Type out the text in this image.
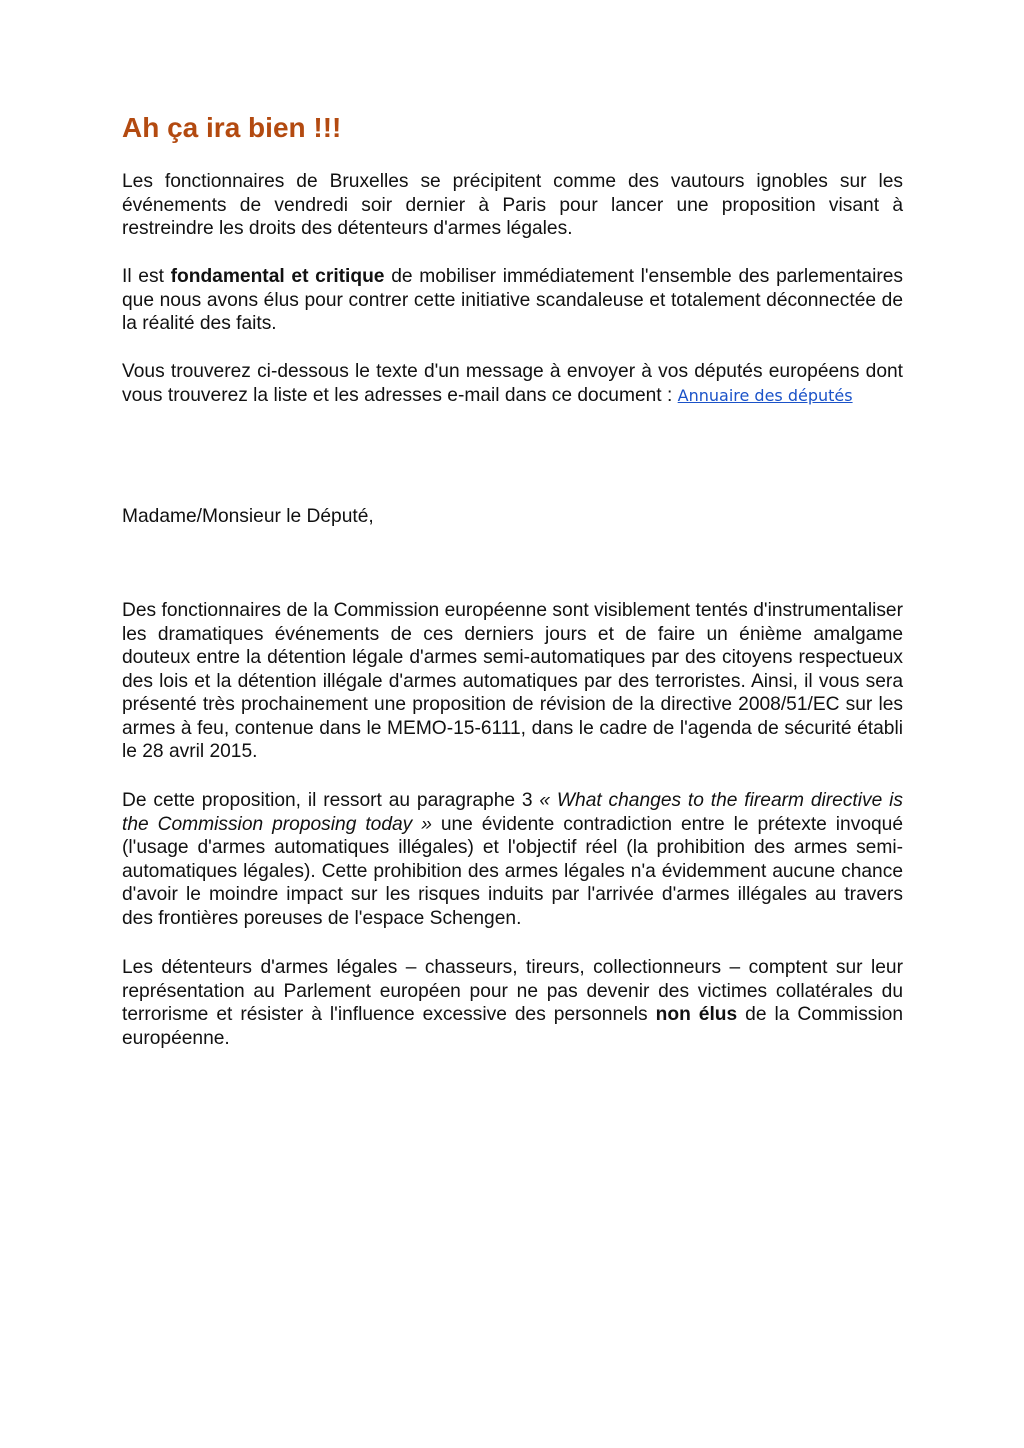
Ah ça ira bien !!!

Les fonctionnaires de Bruxelles se précipitent comme des vautours ignobles sur les événements de vendredi soir dernier à Paris pour lancer une proposition visant à restreindre les droits des détenteurs d'armes légales.

Il est fondamental et critique de mobiliser immédiatement l'ensemble des parlementaires que nous avons élus pour contrer cette initiative scandaleuse et totalement déconnectée de la réalité des faits.

Vous trouverez ci-dessous le texte d'un message à envoyer à vos députés européens dont vous trouverez la liste et les adresses e-mail dans ce document : Annuaire des députés

Madame/Monsieur le Député,

Des fonctionnaires de la Commission européenne sont visiblement tentés d'instrumentaliser les dramatiques événements de ces derniers jours et de faire un énième amalgame douteux entre la détention légale d'armes semi-automatiques par des citoyens respectueux des lois et la détention illégale d'armes automatiques par des terroristes. Ainsi, il vous sera présenté très prochainement une proposition de révision de la directive 2008/51/EC sur les armes à feu, contenue dans le MEMO-15-6111, dans le cadre de l'agenda de sécurité établi le 28 avril 2015.

De cette proposition, il ressort au paragraphe 3 « What changes to the firearm directive is the Commission proposing today » une évidente contradiction entre le prétexte invoqué (l'usage d'armes automatiques illégales) et l'objectif réel (la prohibition des armes semi-automatiques légales). Cette prohibition des armes légales n'a évidemment aucune chance d'avoir le moindre impact sur les risques induits par l'arrivée d'armes illégales au travers des frontières poreuses de l'espace Schengen.

Les détenteurs d'armes légales – chasseurs, tireurs, collectionneurs – comptent sur leur représentation au Parlement européen pour ne pas devenir des victimes collatérales du terrorisme et résister à l'influence excessive des personnels non élus de la Commission européenne.
